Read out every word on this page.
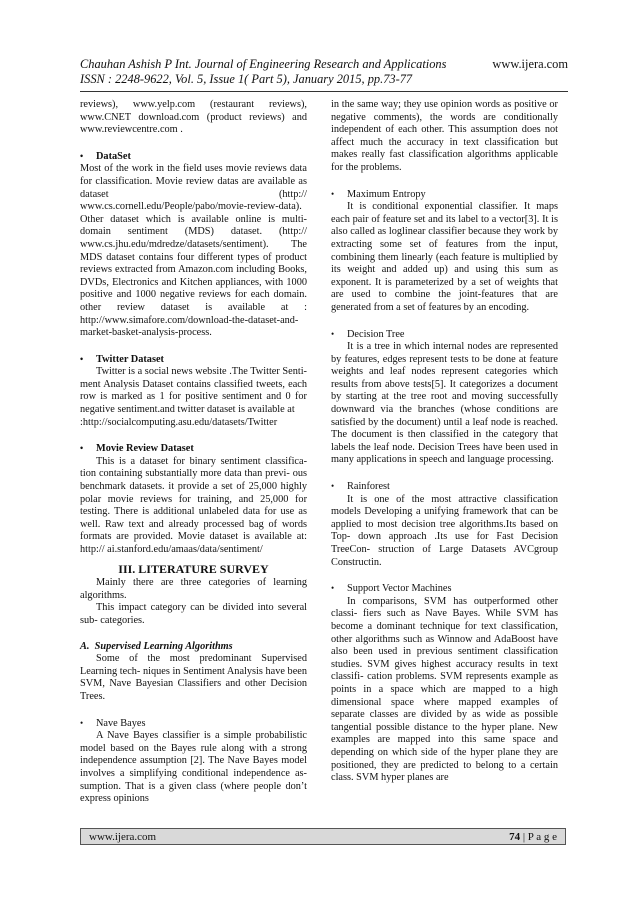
Chauhan Ashish P Int. Journal of Engineering Research and Applications	www.ijera.com
ISSN : 2248-9622, Vol. 5, Issue 1( Part 5), January 2015, pp.73-77

reviews), www.yelp.com (restaurant reviews), www.CNET download.com (product reviews) and www.reviewcentre.com .

•	DataSet

Most of the work in the field uses movie reviews data for classification. Movie review datas are available as dataset (http:// www.cs.cornell.edu/People/pabo/movie-review-data). Other dataset which is available online is multi-domain sentiment (MDS) dataset. (http:// www.cs.jhu.edu/mdredze/datasets/sentiment). The MDS dataset contains four different types of product reviews extracted from Amazon.com including Books, DVDs, Electronics and Kitchen appliances, with 1000 positive and 1000 negative reviews for each domain. other review dataset is available at : http://www.simafore.com/download-the-dataset-and- market-basket-analysis-process.

•	Twitter Dataset

Twitter is a social news website .The Twitter Senti- ment Analysis Dataset contains classified tweets, each row is marked as 1 for positive sentiment and 0 for negative sentiment.and twitter dataset is available at

:http://socialcomputing.asu.edu/datasets/Twitter

•	Movie Review Dataset

This is a dataset for binary sentiment classifica- tion containing substantially more data than previ- ous benchmark datasets. it provide a set of 25,000 highly polar movie reviews for training, and 25,000 for testing. There is additional unlabeled data for use as well. Raw text and already processed bag of words formats are provided. Movie dataset is available at: http:// ai.stanford.edu/amaas/data/sentiment/

III. LITERATURE SURVEY

Mainly there are three categories of learning algorithms.

This impact category can be divided into several sub- categories.

A. Supervised Learning Algorithms

Some of the most predominant Supervised Learning tech- niques in Sentiment Analysis have been SVM, Nave Bayesian Classifiers and other Decision Trees.

•	Nave Bayes

A Nave Bayes classifier is a simple probabilistic model based on the Bayes rule along with a strong independence assumption [2]. The Nave Bayes model involves a simplifying conditional independence as- sumption. That is a given class (where people don’t express opinions

in the same way; they use opinion words as positive or negative comments), the words are conditionally independent of each other. This assumption does not affect much the accuracy in text classification but makes really fast classification algorithms applicable for the problems.

•	Maximum Entropy

It is conditional exponential classifier. It maps each pair of feature set and its label to a vector[3]. It is also called as loglinear classifier because they work by extracting some set of features from the input, combining them linearly (each feature is multiplied by its weight and added up) and using this sum as exponent. It is parameterized by a set of weights that are used to combine the joint-features that are generated from a set of features by an encoding.

•	Decision Tree

It is a tree in which internal nodes are represented by features, edges represent tests to be done at feature weights and leaf nodes represent categories which results from above tests[5]. It categorizes a document by starting at the tree root and moving successfully downward via the branches (whose conditions are satisfied by the document) until a leaf node is reached. The document is then classified in the category that labels the leaf node. Decision Trees have been used in many applications in speech and language processing.

•	Rainforest

It is one of the most attractive classification models Developing a unifying framework that can be applied to most decision tree algorithms.Its based on Top- down approach .Its use for Fast Decision TreeCon- struction of Large Datasets AVCgroup Constructin.

•	Support Vector Machines

In comparisons, SVM has outperformed other classi- fiers such as Nave Bayes. While SVM has become a dominant technique for text classification, other algorithms such as Winnow and AdaBoost have also been used in previous sentiment classification studies. SVM gives highest accuracy results in text classifi- cation problems. SVM represents example as points in a space which are mapped to a high dimensional space where mapped examples of separate classes are divided by as wide as possible tangential possible distance to the hyper plane. New examples are mapped into this same space and depending on which side of the hyper plane they are positioned, they are predicted to belong to a certain class. SVM hyper planes are

www.ijera.com	74 | P a g e
